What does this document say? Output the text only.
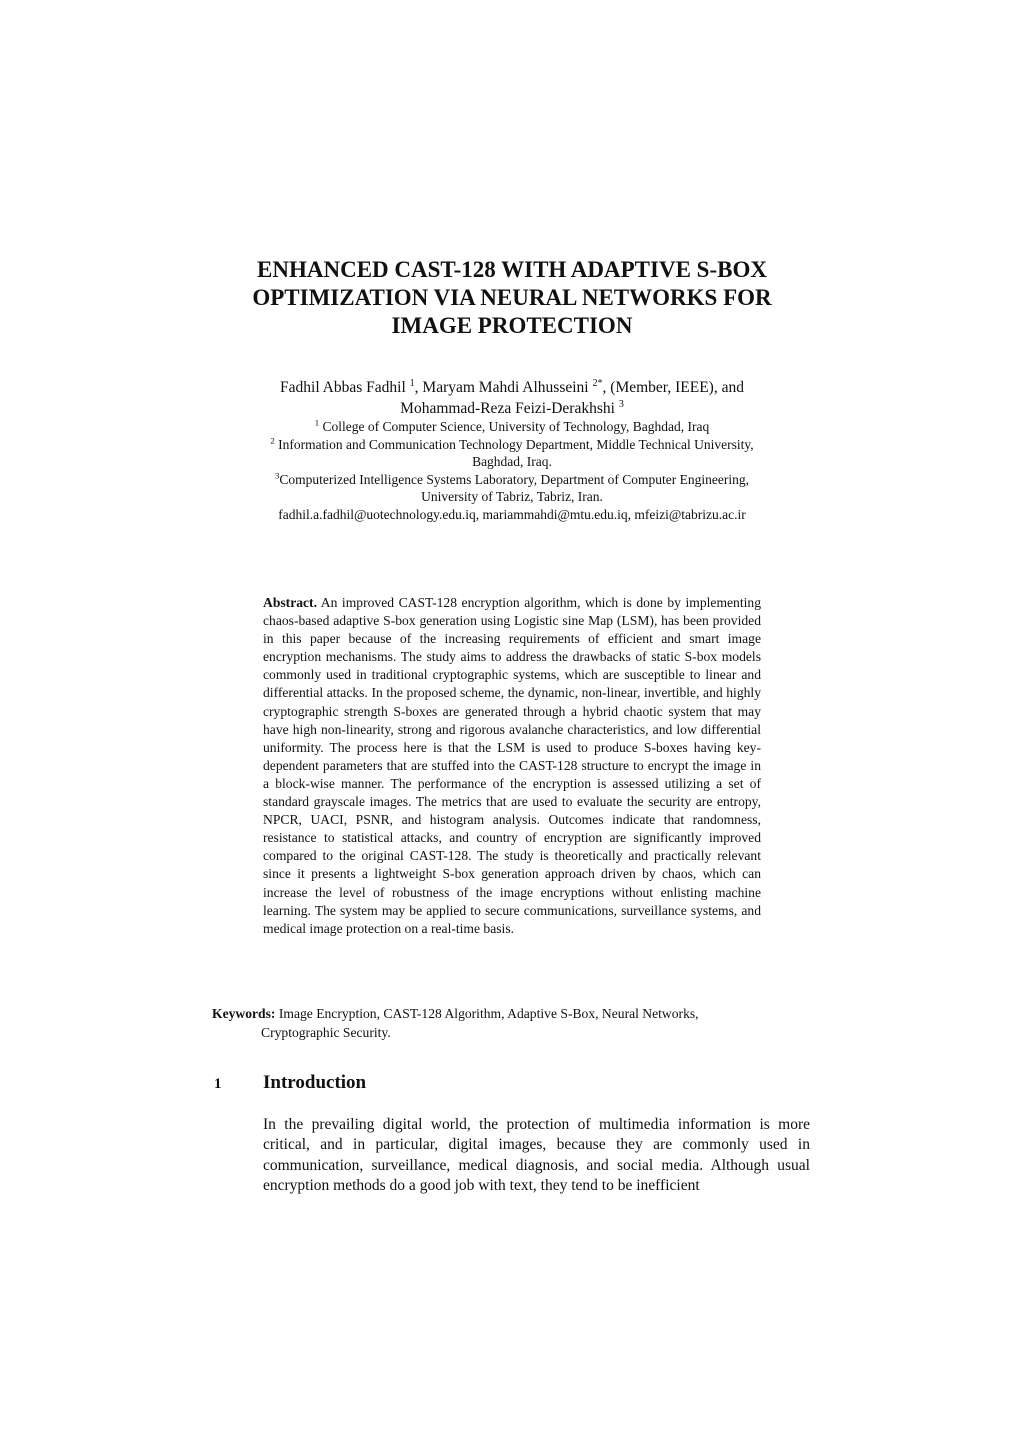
ENHANCED CAST-128 WITH ADAPTIVE S-BOX
OPTIMIZATION VIA NEURAL NETWORKS FOR
IMAGE PROTECTION
Fadhil Abbas Fadhil $^1$, Maryam Mahdi Alhusseini $^{2*}$, (Member, IEEE), and
Mohammad-Reza Feizi-Derakhshi $^3$
$^1$ College of Computer Science, University of Technology, Baghdad, Iraq
$^2$ Information and Communication Technology Department, Middle Technical University,
Baghdad, Iraq.
$^3$Computerized Intelligence Systems Laboratory, Department of Computer Engineering,
University of Tabriz, Tabriz, Iran.
fadhil.a.fadhil@uotechnology.edu.iq, mariammahdi@mtu.edu.iq, mfeizi@tabrizu.ac.ir

Abstract. An improved CAST-128 encryption algorithm, which is done by implementing chaos-based adaptive S-box generation using Logistic sine Map (LSM), has been provided in this paper because of the increasing requirements of efficient and smart image encryption mechanisms. The study aims to address the drawbacks of static S-box models commonly used in traditional cryptographic systems, which are susceptible to linear and differential attacks. In the proposed scheme, the dynamic, non-linear, invertible, and highly cryptographic strength S-boxes are generated through a hybrid chaotic system that may have high non-linearity, strong and rigorous avalanche characteristics, and low differential uniformity. The process here is that the LSM is used to produce S-boxes having key-dependent parameters that are stuffed into the CAST-128 structure to encrypt the image in a block-wise manner. The performance of the encryption is assessed utilizing a set of standard grayscale images. The metrics that are used to evaluate the security are entropy, NPCR, UACI, PSNR, and histogram analysis. Outcomes indicate that randomness, resistance to statistical attacks, and country of encryption are significantly improved compared to the original CAST-128. The study is theoretically and practically relevant since it presents a lightweight S-box generation approach driven by chaos, which can increase the level of robustness of the image encryptions without enlisting machine learning. The system may be applied to secure communications, surveillance systems, and medical image protection on a real-time basis.

Keywords: Image Encryption, CAST-128 Algorithm, Adaptive S-Box, Neural Networks,
Cryptographic Security.

1 Introduction

In the prevailing digital world, the protection of multimedia information is more critical, and in particular, digital images, because they are commonly used in communication, surveillance, medical diagnosis, and social media. Although usual encryption methods do a good job with text, they tend to be inefficient
